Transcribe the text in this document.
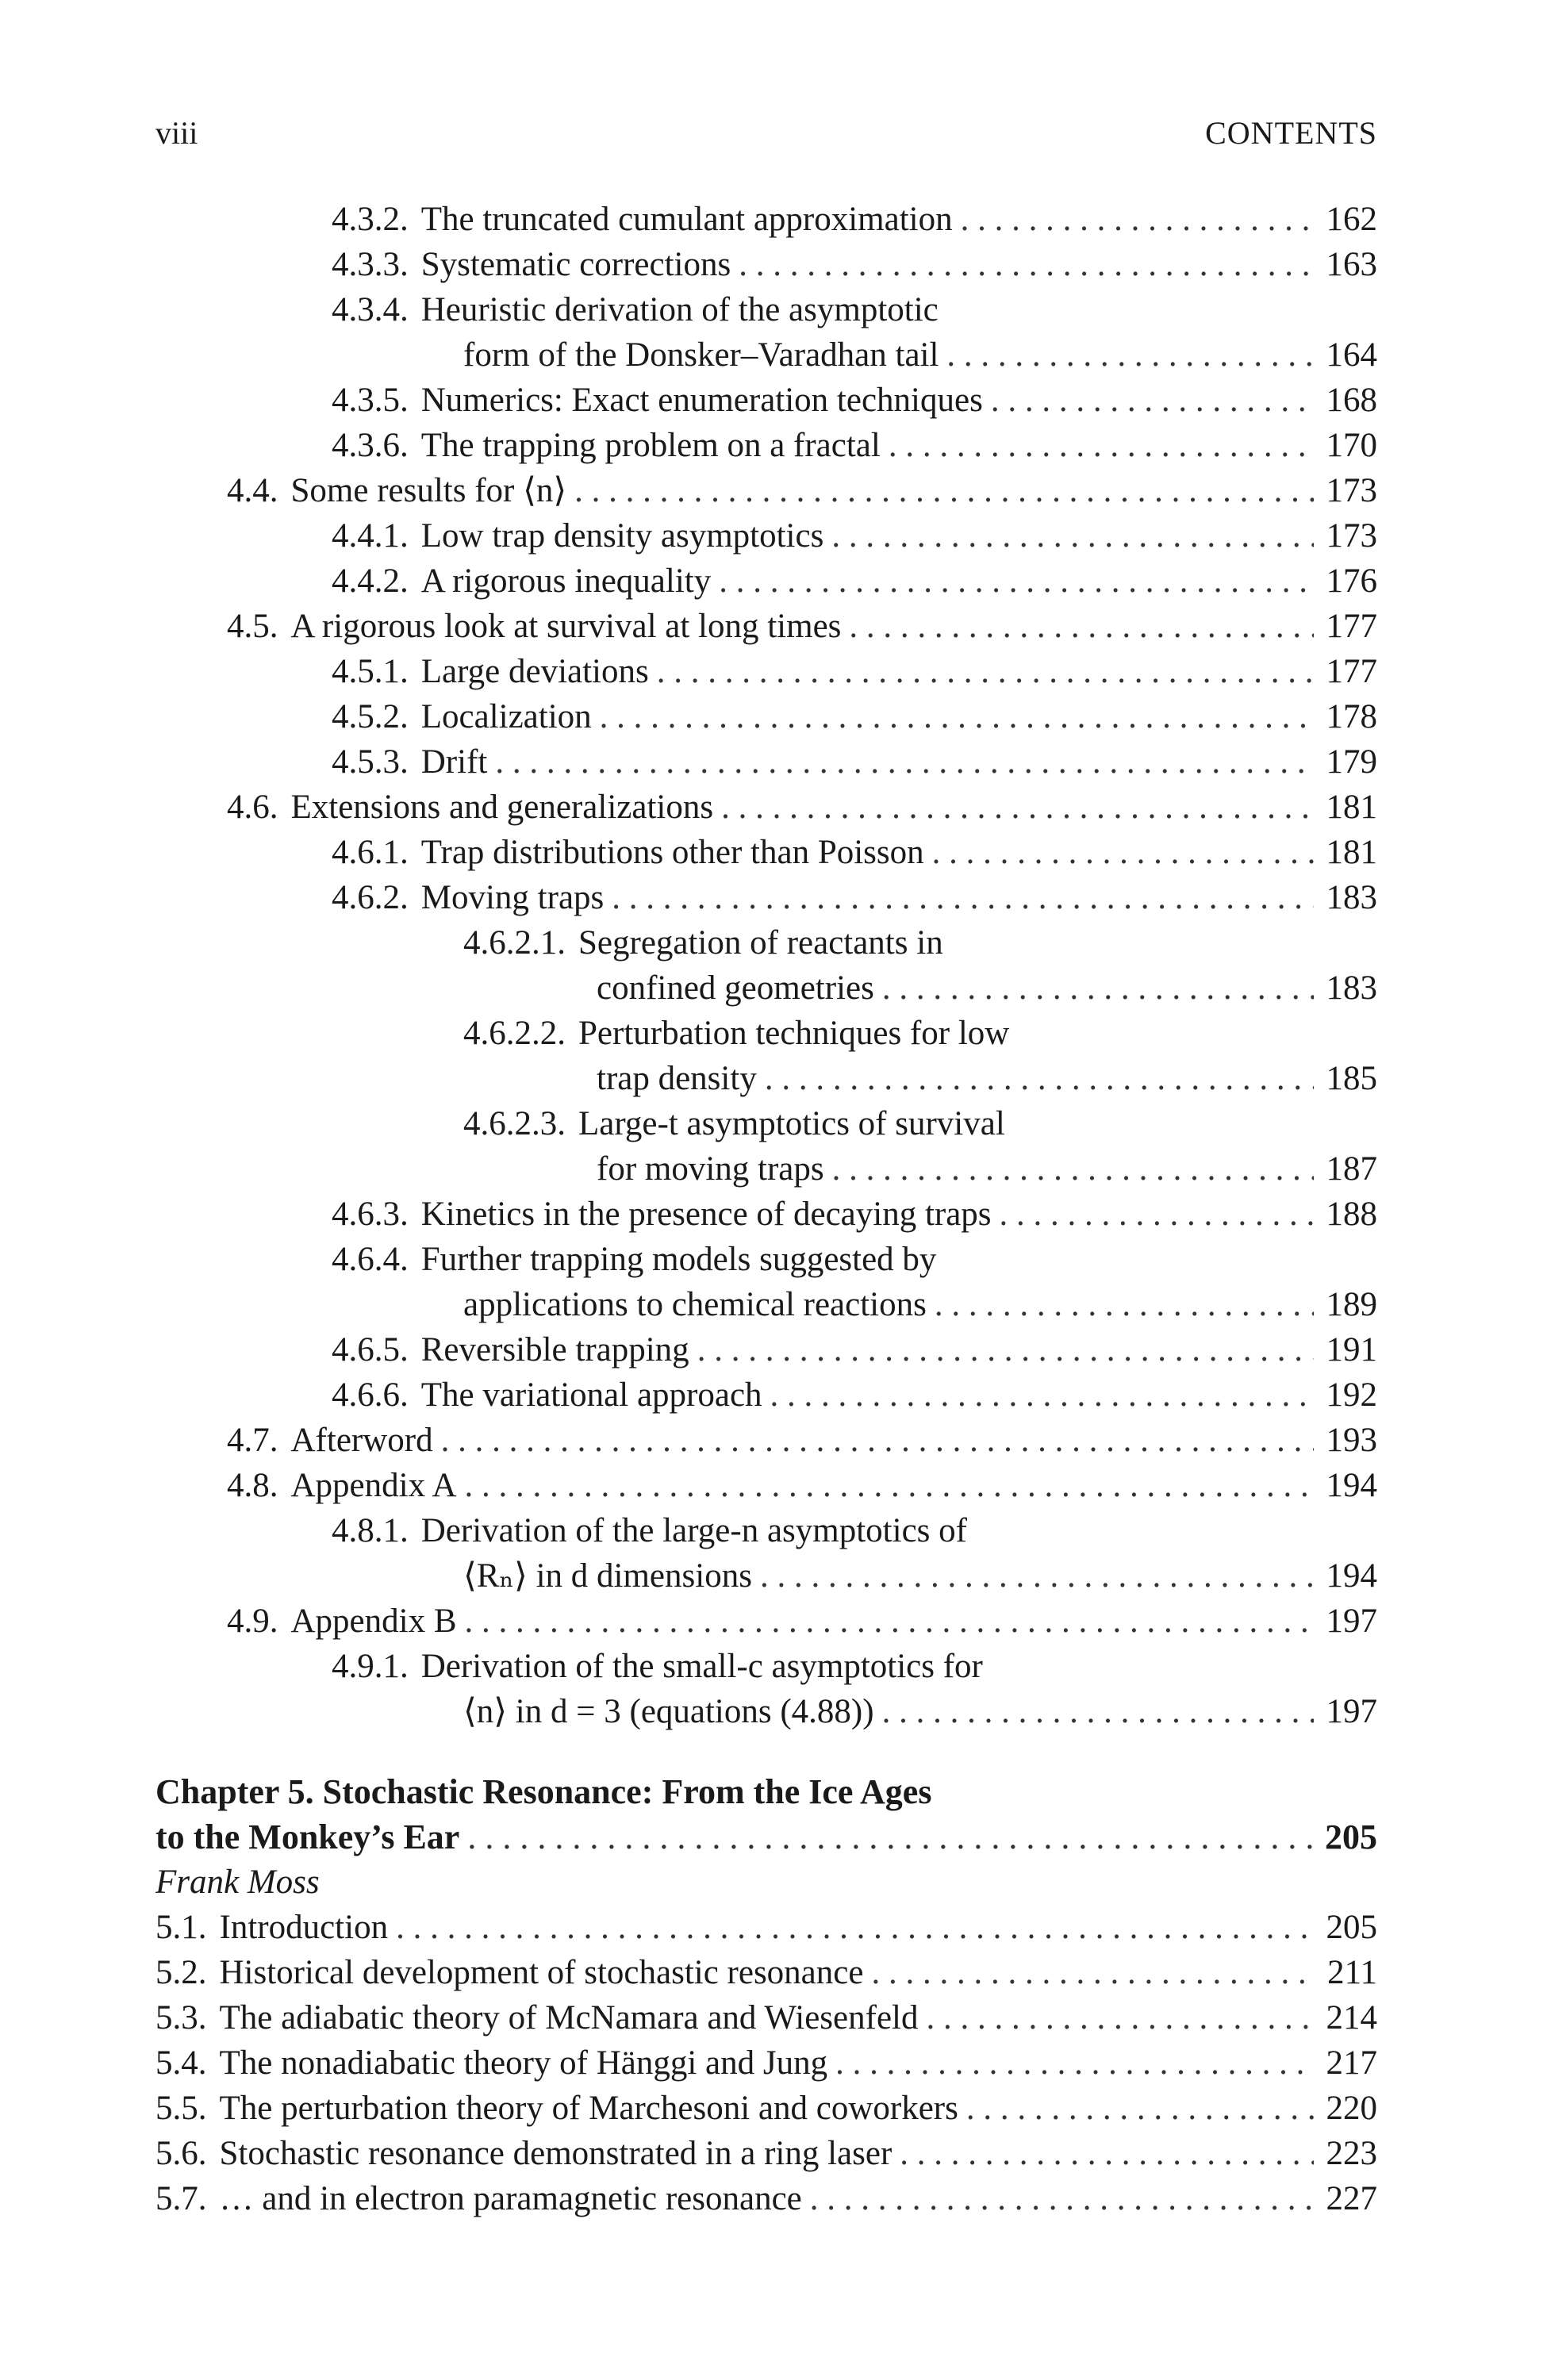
viii	CONTENTS
4.3.2. The truncated cumulant approximation . . .	162
4.3.3. Systematic corrections . . .	163
4.3.4. Heuristic derivation of the asymptotic
form of the Donsker–Varadhan tail . . .	164
4.3.5. Numerics: Exact enumeration techniques . . .	168
4.3.6. The trapping problem on a fractal . . .	170
4.4. Some results for ⟨n⟩ . . .	173
4.4.1. Low trap density asymptotics . . .	173
4.4.2. A rigorous inequality . . .	176
4.5. A rigorous look at survival at long times . . .	177
4.5.1. Large deviations . . .	177
4.5.2. Localization . . .	178
4.5.3. Drift . . .	179
4.6. Extensions and generalizations . . .	181
4.6.1. Trap distributions other than Poisson . . .	181
4.6.2. Moving traps . . .	183
4.6.2.1. Segregation of reactants in
confined geometries . . .	183
4.6.2.2. Perturbation techniques for low
trap density . . .	185
4.6.2.3. Large-t asymptotics of survival
for moving traps . . .	187
4.6.3. Kinetics in the presence of decaying traps . . .	188
4.6.4. Further trapping models suggested by
applications to chemical reactions . . .	189
4.6.5. Reversible trapping . . .	191
4.6.6. The variational approach . . .	192
4.7. Afterword . . .	193
4.8. Appendix A . . .	194
4.8.1. Derivation of the large-n asymptotics of
⟨Rₙ⟩ in d dimensions . . .	194
4.9. Appendix B . . .	197
4.9.1. Derivation of the small-c asymptotics for
⟨n⟩ in d = 3 (equations (4.88)) . . .	197
Chapter 5. Stochastic Resonance: From the Ice Ages
to the Monkey’s Ear . . .	205
Frank Moss
5.1. Introduction . . .	205
5.2. Historical development of stochastic resonance . . .	211
5.3. The adiabatic theory of McNamara and Wiesenfeld . . .	214
5.4. The nonadiabatic theory of Hänggi and Jung . . .	217
5.5. The perturbation theory of Marchesoni and coworkers . . .	220
5.6. Stochastic resonance demonstrated in a ring laser . . .	223
5.7. … and in electron paramagnetic resonance . . .	227
